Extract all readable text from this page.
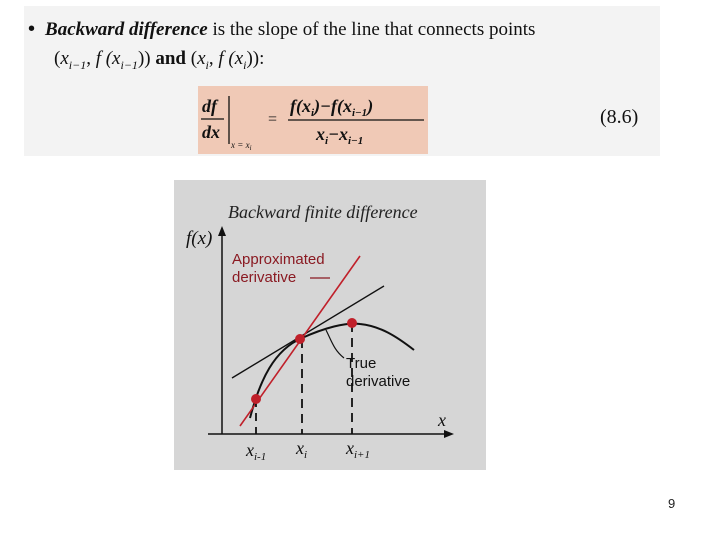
• Backward difference is the slope of the line that connects points
($x_{i-1}$, f $(x_{i-1})$) and ($x_i$, f $(x_i)$):
df
dx
$x = x_i$
=
$f(x_i)-f(x_{i-1})$
$x_i-x_{i-1}$
(8.6)
Backward finite difference
f(x)
x
Approximated
derivative
True
derivative
$x_{i-1}$ $x_i$ $x_{i+1}$
9
